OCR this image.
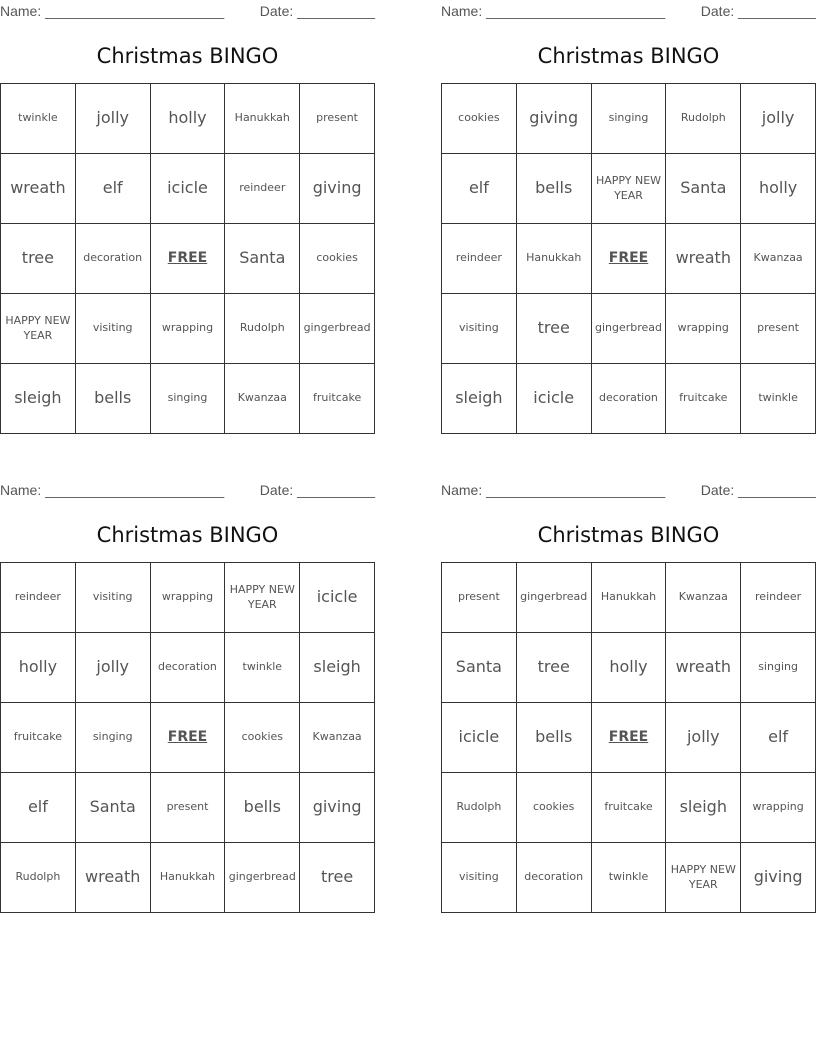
Name: _______________________	Date: __________
Christmas BINGO
twinkle	jolly	holly	Hanukkah	present
wreath	elf	icicle	reindeer	giving
tree	decoration	FREE	Santa	cookies
HAPPY NEW YEAR	visiting	wrapping	Rudolph	gingerbread
sleigh	bells	singing	Kwanzaa	fruitcake
Name: _______________________	Date: __________
Christmas BINGO
cookies	giving	singing	Rudolph	jolly
elf	bells	HAPPY NEW YEAR	Santa	holly
reindeer	Hanukkah	FREE	wreath	Kwanzaa
visiting	tree	gingerbread	wrapping	present
sleigh	icicle	decoration	fruitcake	twinkle
Name: _______________________	Date: __________
Christmas BINGO
reindeer	visiting	wrapping	HAPPY NEW YEAR	icicle
holly	jolly	decoration	twinkle	sleigh
fruitcake	singing	FREE	cookies	Kwanzaa
elf	Santa	present	bells	giving
Rudolph	wreath	Hanukkah	gingerbread	tree
Name: _______________________	Date: __________
Christmas BINGO
present	gingerbread	Hanukkah	Kwanzaa	reindeer
Santa	tree	holly	wreath	singing
icicle	bells	FREE	jolly	elf
Rudolph	cookies	fruitcake	sleigh	wrapping
visiting	decoration	twinkle	HAPPY NEW YEAR	giving
